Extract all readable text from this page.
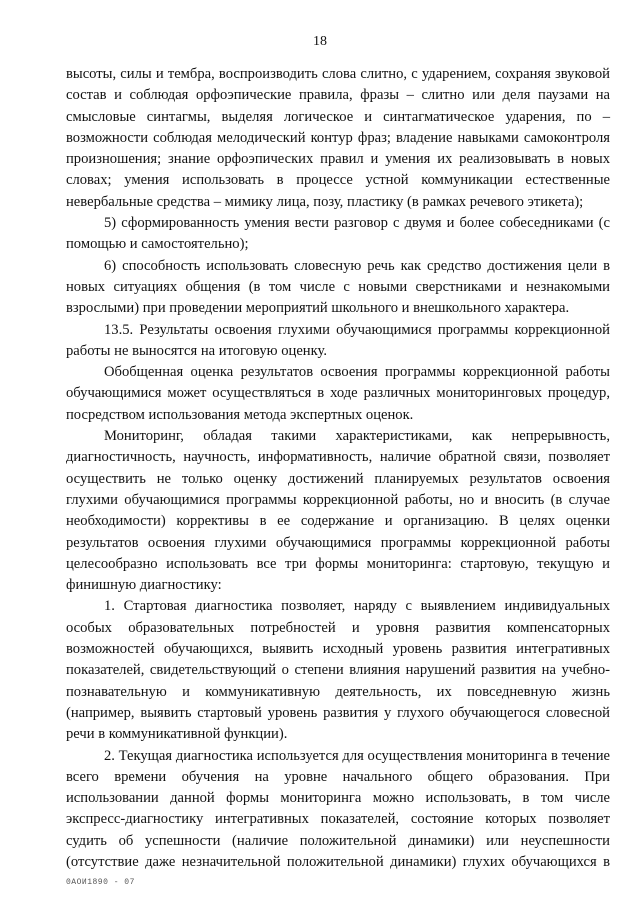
18

высоты, силы и тембра, воспроизводить слова слитно, с ударением, сохраняя звуковой состав и соблюдая орфоэпические правила, фразы – слитно или деля паузами на смысловые синтагмы, выделяя логическое и синтагматическое ударения, по – возможности соблюдая мелодический контур фраз; владение навыками самоконтроля произношения; знание орфоэпических правил и умения их реализовывать в новых словах; умения использовать в процессе устной коммуникации естественные невербальные средства – мимику лица, позу, пластику (в рамках речевого этикета);

5) сформированность умения вести разговор с двумя и более собеседниками (с помощью и самостоятельно);

6) способность использовать словесную речь как средство достижения цели в новых ситуациях общения (в том числе с новыми сверстниками и незнакомыми взрослыми) при проведении мероприятий школьного и внешкольного характера.

13.5. Результаты освоения глухими обучающимися программы коррекционной работы не выносятся на итоговую оценку.

Обобщенная оценка результатов освоения программы коррекционной работы обучающимися может осуществляться в ходе различных мониторинговых процедур, посредством использования метода экспертных оценок.

Мониторинг, обладая такими характеристиками, как непрерывность, диагностичность, научность, информативность, наличие обратной связи, позволяет осуществить не только оценку достижений планируемых результатов освоения глухими обучающимися программы коррекционной работы, но и вносить (в случае необходимости) коррективы в ее содержание и организацию. В целях оценки результатов освоения глухими обучающимися программы коррекционной работы целесообразно использовать все три формы мониторинга: стартовую, текущую и финишную диагностику:

1. Стартовая диагностика позволяет, наряду с выявлением индивидуальных особых образовательных потребностей и уровня развития компенсаторных возможностей обучающихся, выявить исходный уровень развития интегративных показателей, свидетельствующий о степени влияния нарушений развития на учебно-познавательную и коммуникативную деятельность, их повседневную жизнь (например, выявить стартовый уровень развития у глухого обучающегося словесной речи в коммуникативной функции).

2. Текущая диагностика используется для осуществления мониторинга в течение всего времени обучения на уровне начального общего образования. При использовании данной формы мониторинга можно использовать, в том числе экспресс-диагностику интегративных показателей, состояние которых позволяет судить об успешности (наличие положительной динамики) или неуспешности (отсутствие даже незначительной положительной динамики) глухих обучающихся в

0АОИ1890 - 07
